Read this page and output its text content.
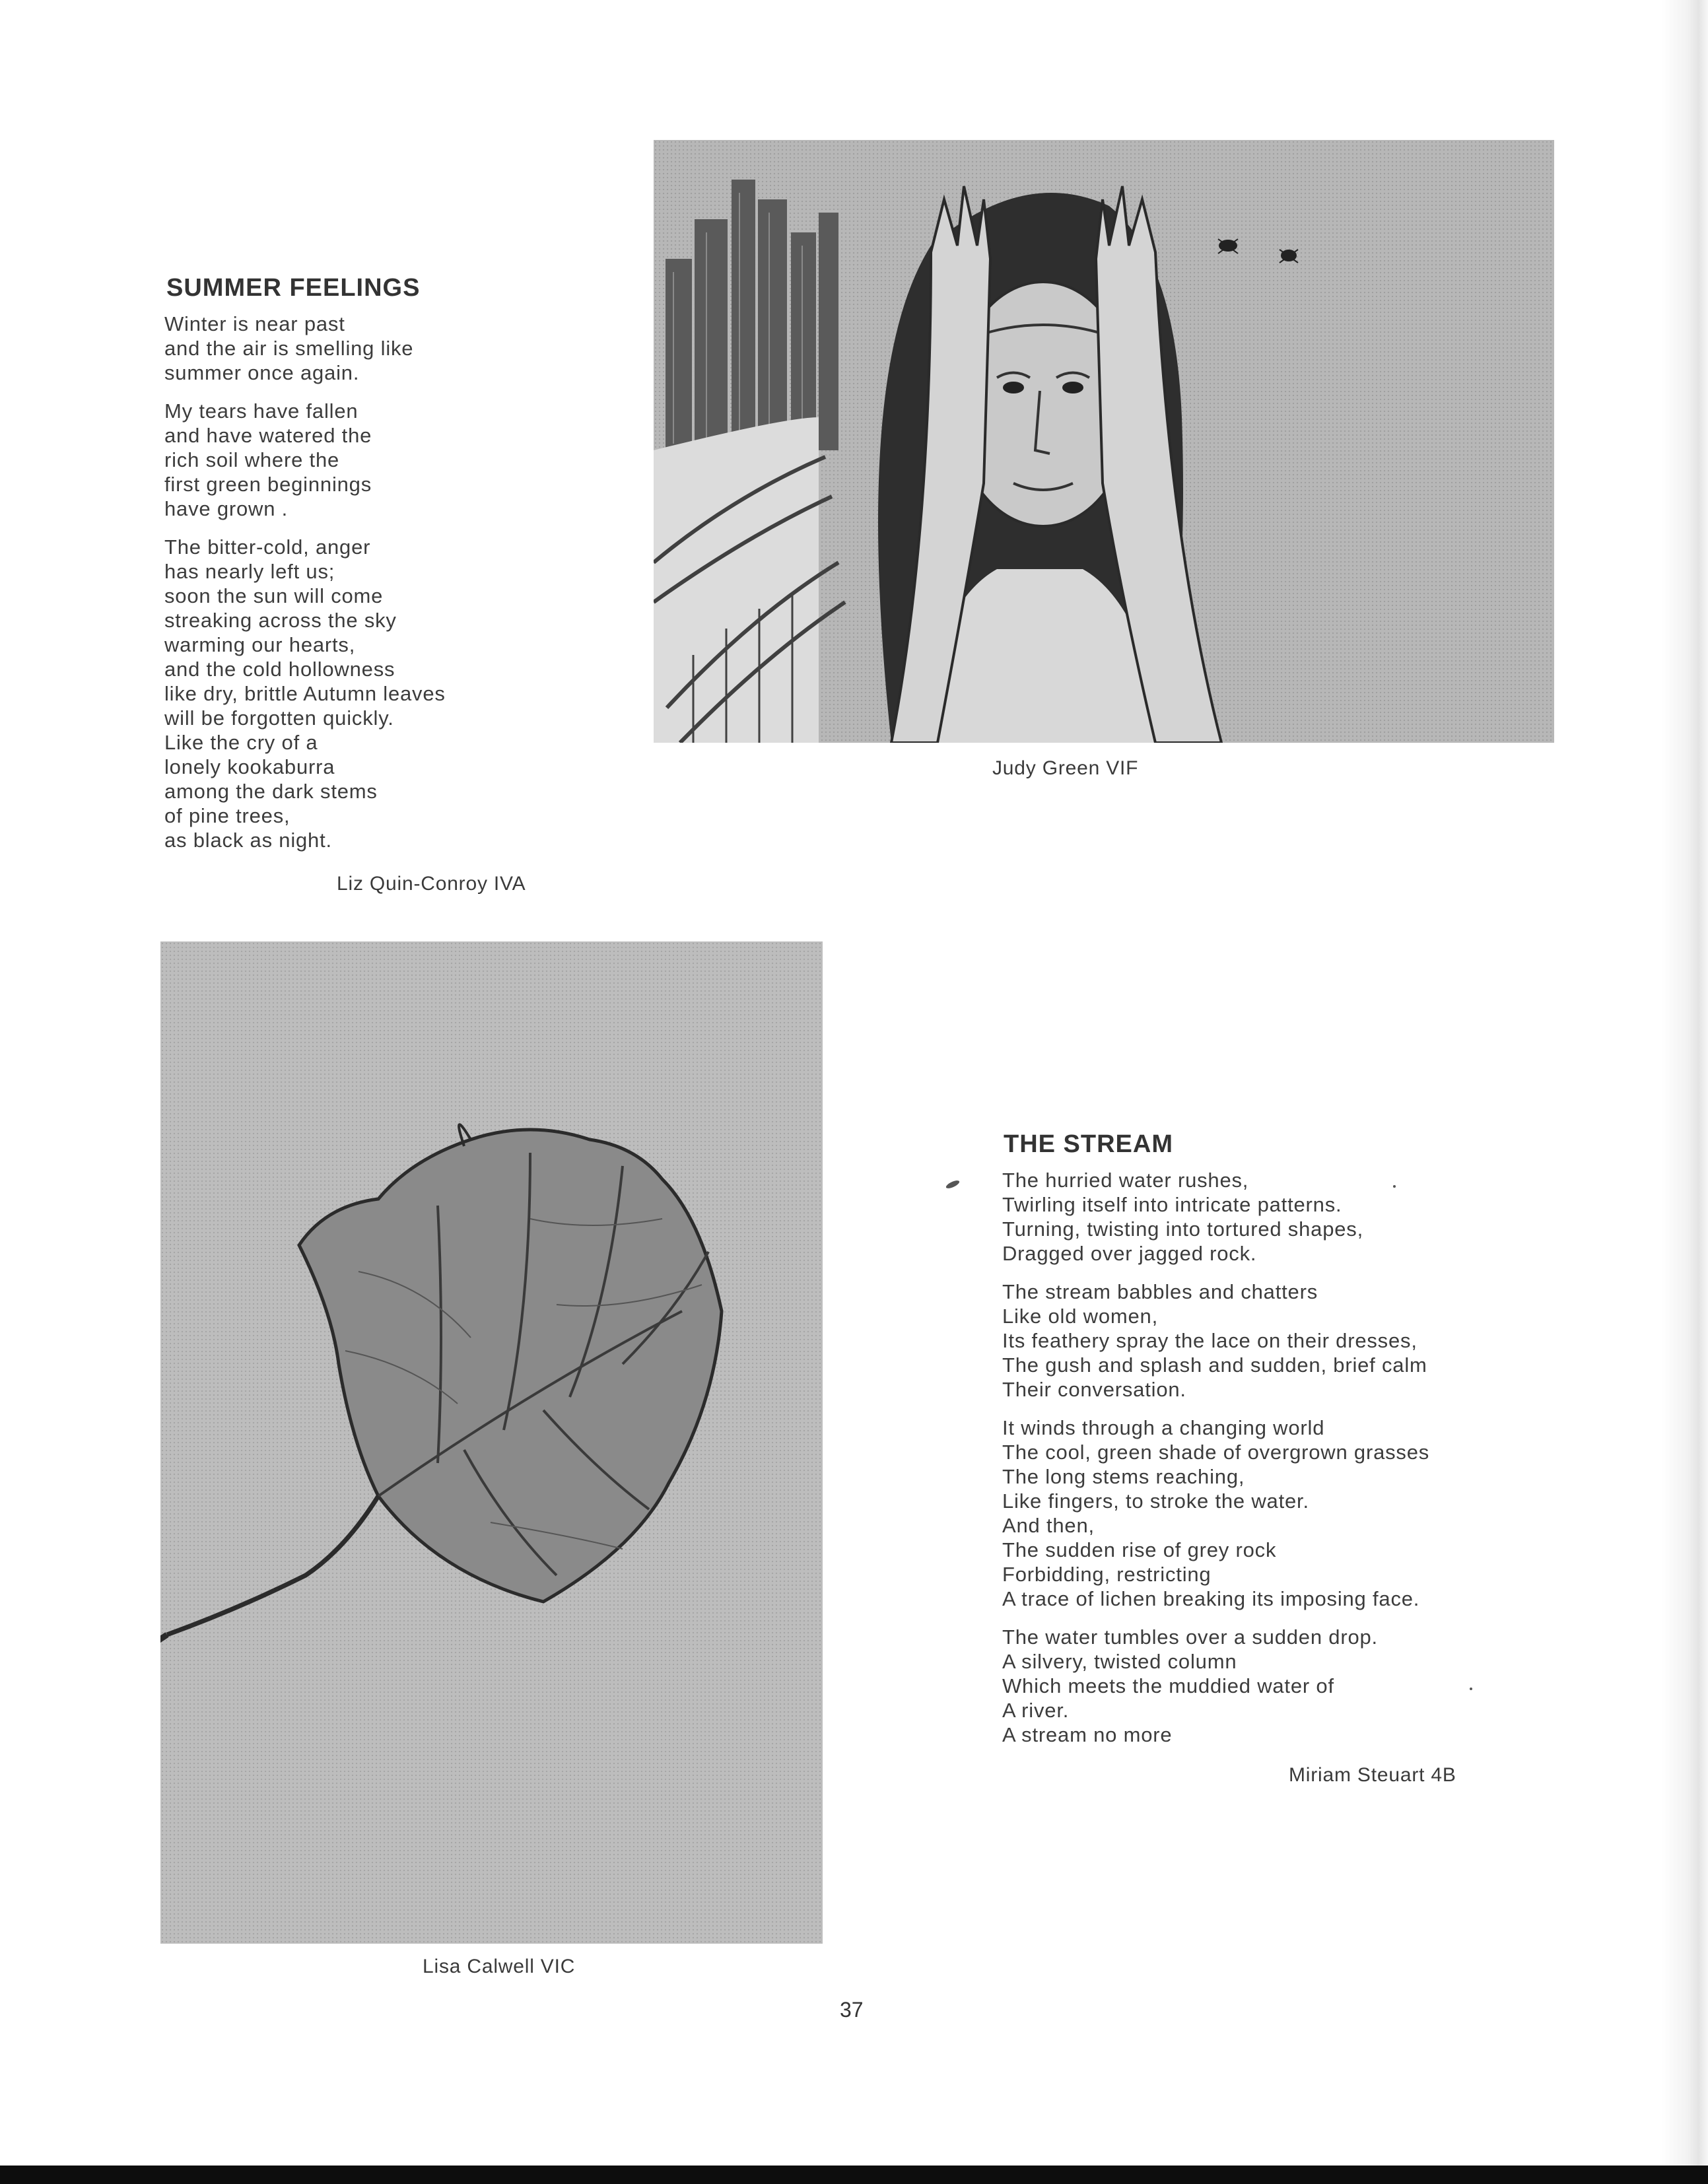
SUMMER FEELINGS
Winter is near past
and the air is smelling like
summer once again.
My tears have fallen
and have watered the
rich soil where the
first green beginnings
have grown .
The bitter-cold, anger
has nearly left us;
soon the sun will come
streaking across the sky
warming our hearts,
and the cold hollowness
like dry, brittle Autumn leaves
will be forgotten quickly.
Like the cry of a
lonely kookaburra
among the dark stems
of pine trees,
as black as night.
Liz Quin-Conroy IVA
Judy Green VIF
Lisa Calwell VIC
THE STREAM
The hurried water rushes,
Twirling itself into intricate patterns.
Turning, twisting into tortured shapes,
Dragged over jagged rock.
The stream babbles and chatters
Like old women,
Its feathery spray the lace on their dresses,
The gush and splash and sudden, brief calm
Their conversation.
It winds through a changing world
The cool, green shade of overgrown grasses
The long stems reaching,
Like fingers, to stroke the water.
And then,
The sudden rise of grey rock
Forbidding, restricting
A trace of lichen breaking its imposing face.
The water tumbles over a sudden drop.
A silvery, twisted column
Which meets the muddied water of
A river.
A stream no more
Miriam Steuart 4B
37
